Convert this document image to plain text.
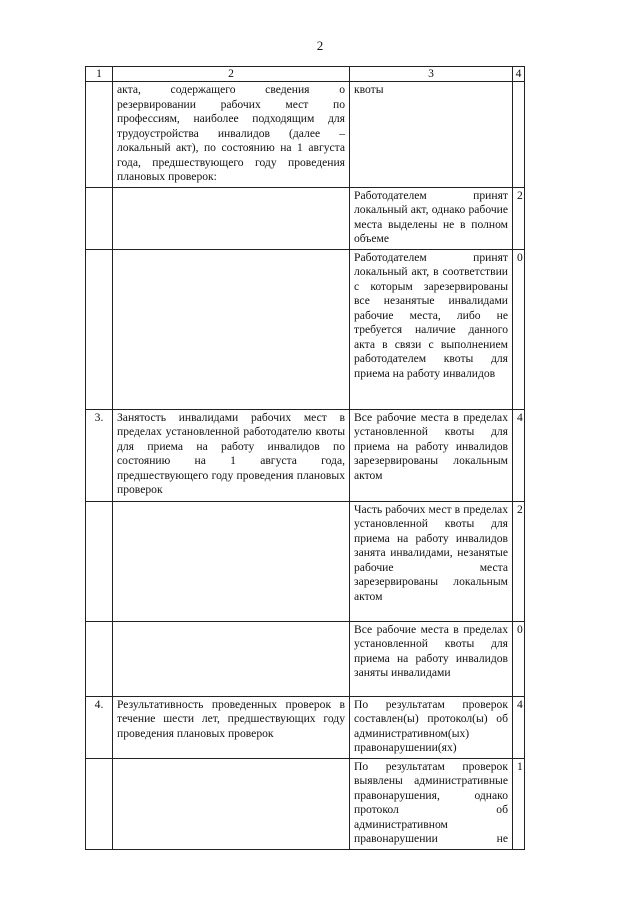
2
1	2	3	4
	акта, содержащего сведения о резервировании рабочих мест по профессиям, наиболее подходящим для трудоустройства инвалидов (далее – локальный акт), по состоянию на 1 августа года, предшествующего году проведения плановых проверок:	квоты	
		Работодателем принят локальный акт, однако рабочие места выделены не в полном объеме	2
		Работодателем принят локальный акт, в соответствии с которым зарезервированы все незанятые инвалидами рабочие места, либо не требуется наличие данного акта в связи с выполнением работодателем квоты для приема на работу инвалидов	0
3.	Занятость инвалидами рабочих мест в пределах установленной работодателю квоты для приема на работу инвалидов по состоянию на 1 августа года, предшествующего году проведения плановых проверок	Все рабочие места в пределах установленной квоты для приема на работу инвалидов зарезервированы локальным актом	4
		Часть рабочих мест в пределах установленной квоты для приема на работу инвалидов занята инвалидами, незанятые рабочие места зарезервированы локальным актом	2
		Все рабочие места в пределах установленной квоты для приема на работу инвалидов заняты инвалидами	0
4.	Результативность проведенных проверок в течение шести лет, предшествующих году проведения плановых проверок	По результатам проверок составлен(ы) протокол(ы) об административном(ых) правонарушении(ях)	4
		По результатам проверок выявлены административные правонарушения, однако протокол об административном правонарушении не	1
